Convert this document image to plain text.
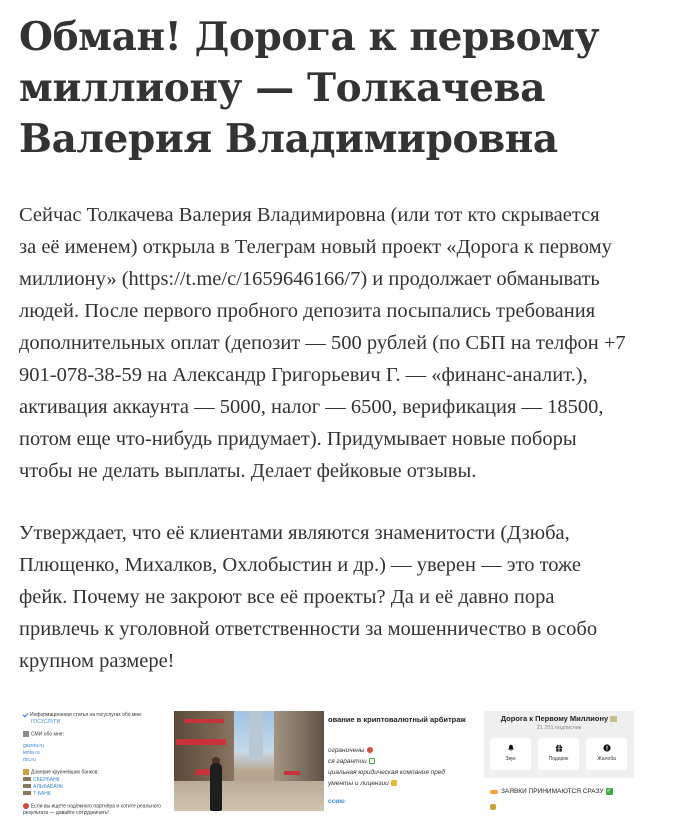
Обман! Дорога к первому
миллиону — Толкачева
Валерия Владимировна
Сейчас Толкачева Валерия Владимировна (или тот кто скрывается
за её именем) открыла в Телеграм новый проект «Дорога к первому
миллиону» (https://t.me/c/1659646166/7) и продолжает обманывать
людей. После первого пробного депозита посыпались требования
дополнительных оплат (депозит — 500 рублей (по СБП на телфон +7
901-078-38-59 на Александр Григорьевич Г. — «финанс-аналит.),
активация аккаунта — 5000, налог — 6500, верификация — 18500,
потом еще что-нибудь придумает). Придумывает новые поборы
чтобы не делать выплаты. Делает фейковые отзывы.
Утверждает, что её клиентами являются знаменитости (Дзюба,
Плющенко, Михалков, Охлобыстин и др.) — уверен — это тоже
фейк. Почему не закроют все её проекты? Да и её давно пора
привлечь к уголовной ответственности за мошенничество в особо
крупном размере!
Информационная статья на госуслугах обо мне:
ГОСУСЛУГИ
СМИ обо мне:
gazeta.ru
lenta.ru
rbc.ru
Доверие крупнейших банков:
СБЕРБАНК
АЛЬФАБАНК
Т-БАНК
Если вы ищете надёжного партнёра и хотите реального
результата — давайте сотрудничать!
ование в криптовалютный арбитраж
ограничены
ся гарантии
циальная юридическая компания пред
ументы и лицензии
ссию
Дорога к Первому Миллиону
21 201 подписчик
Звук	Подарок	Жалоба
ЗАЯВКИ ПРИНИМАЮТСЯ СРАЗУ ✓
